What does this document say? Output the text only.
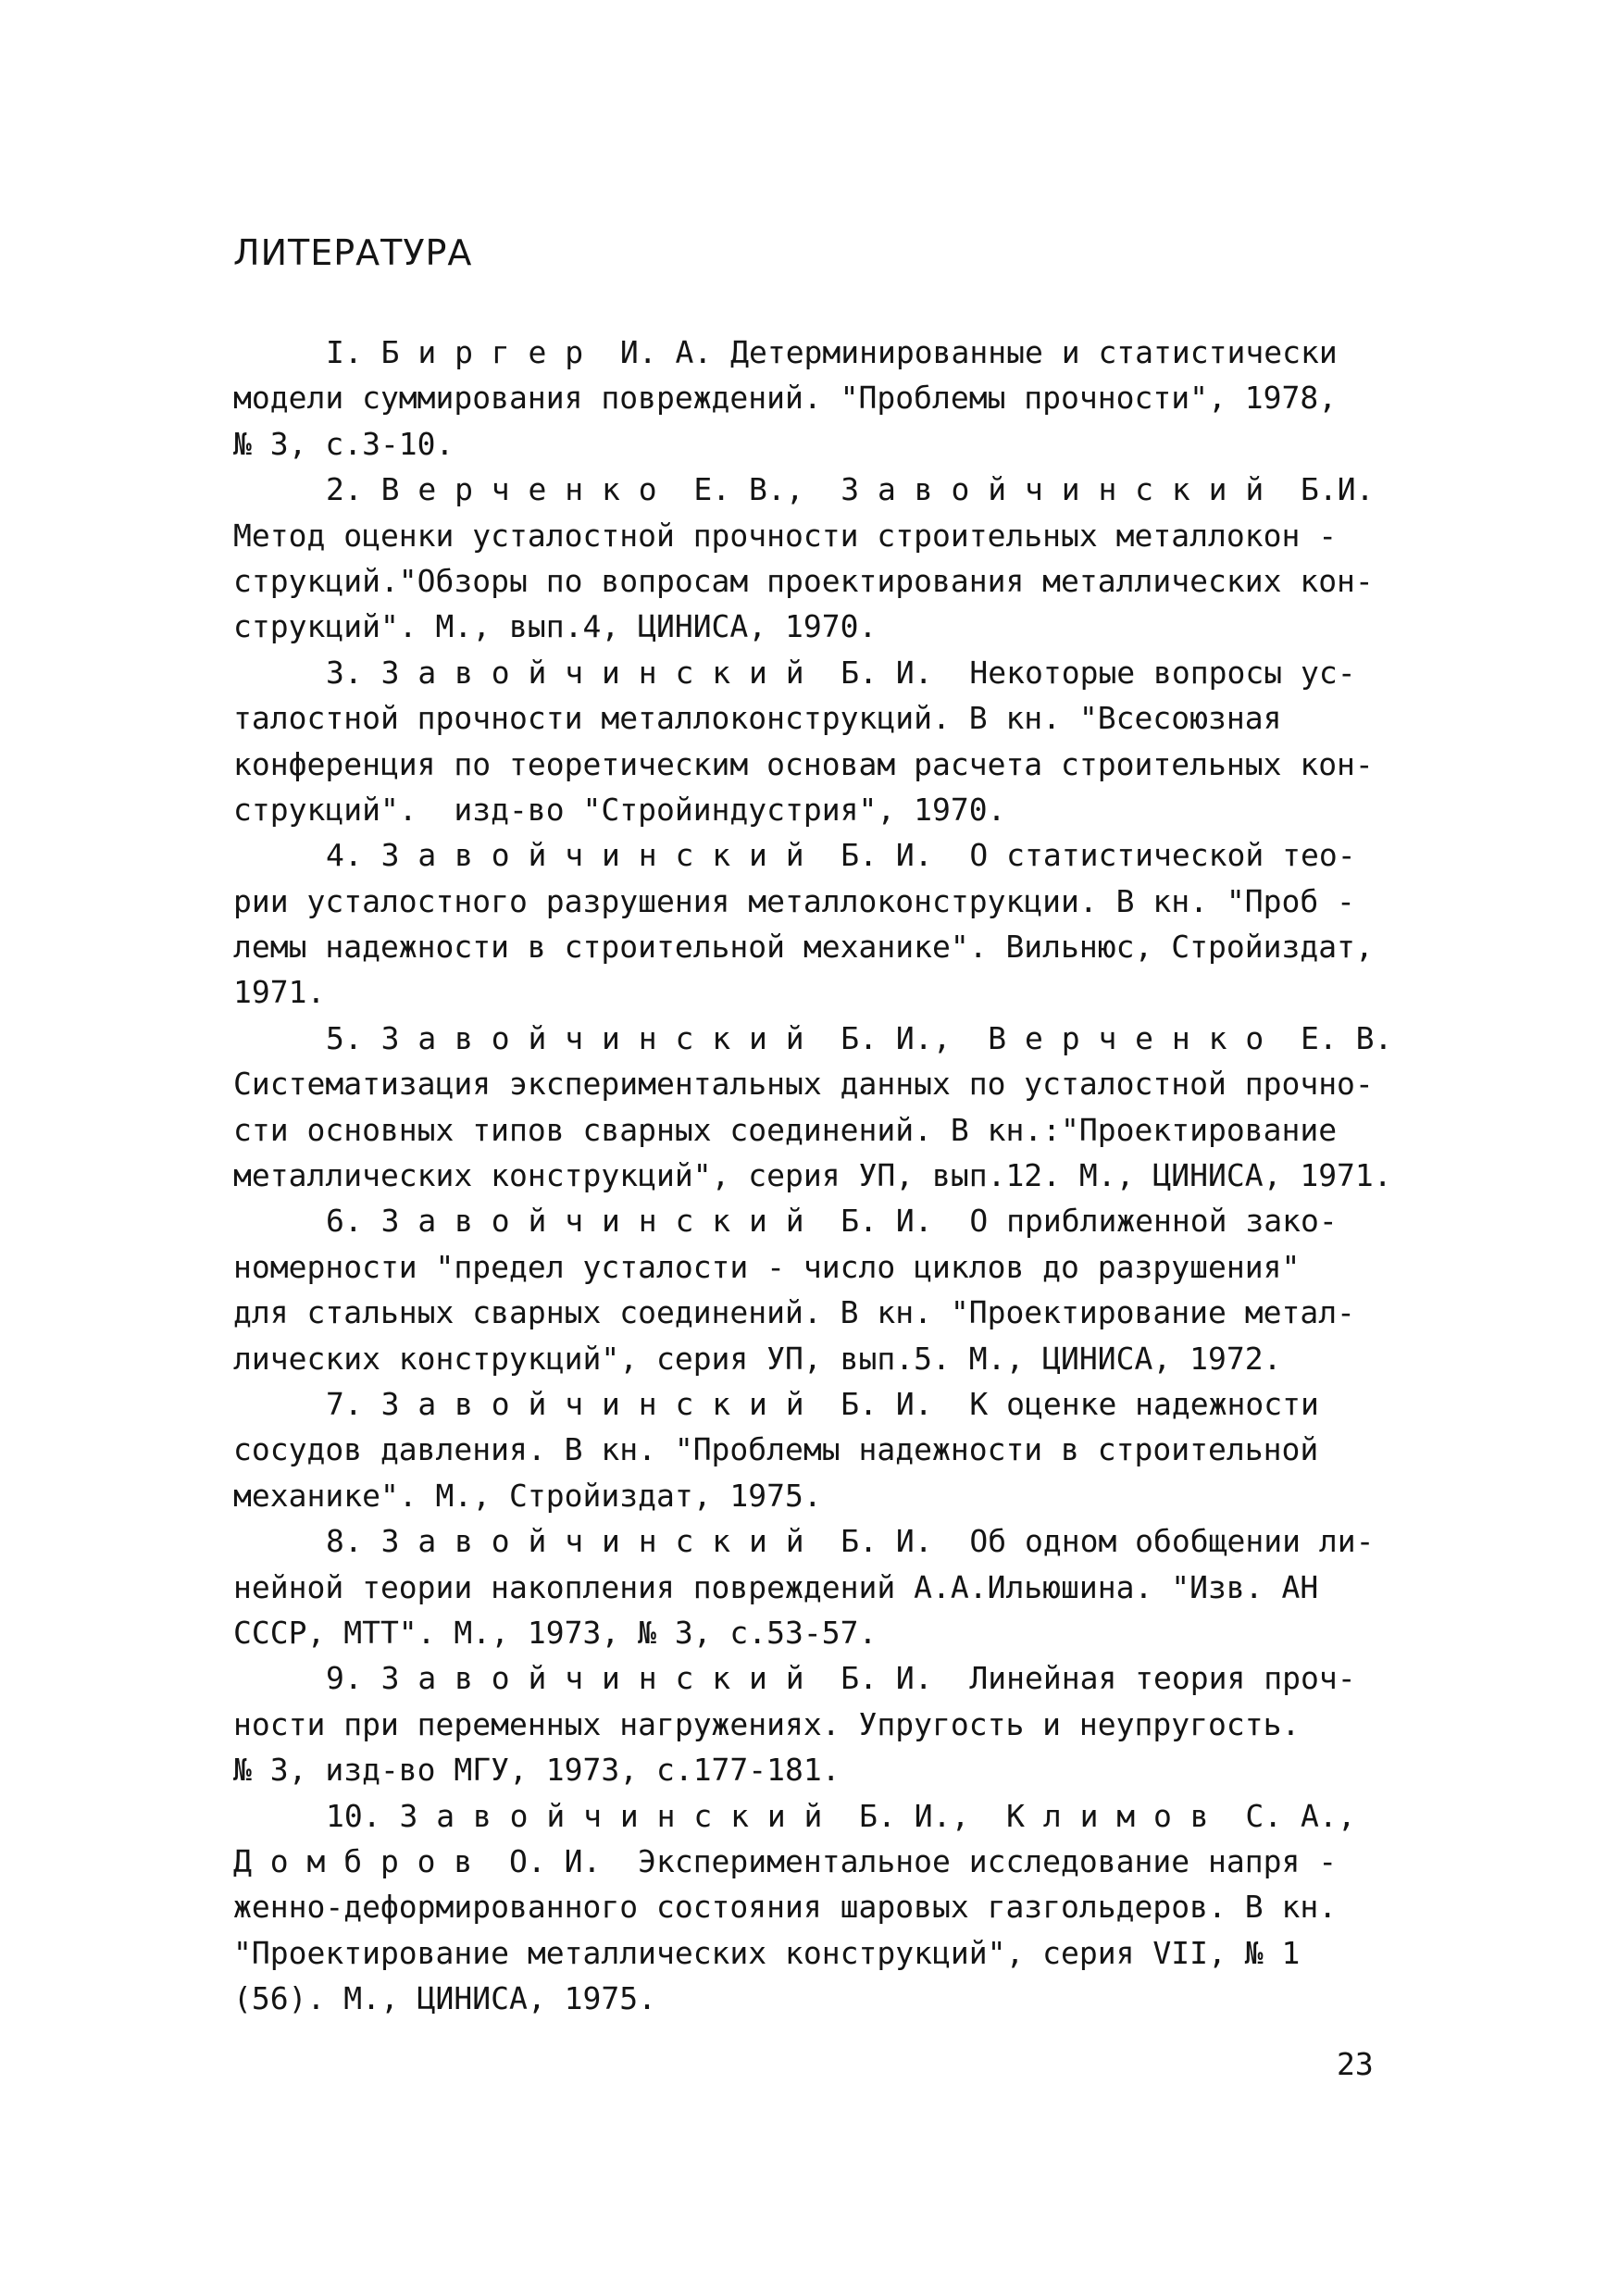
ЛИТЕРАТУРА
I. Б и р г е р  И. А. Детерминированные и статистически
модели суммирования повреждений. "Проблемы прочности", 1978,
№ 3, с.3-10.
2. В е р ч е н к о  Е. В.,  З а в о й ч и н с к и й  Б.И.
Метод оценки усталостной прочности строительных металлокон -
струкций."Обзоры по вопросам проектирования металлических кон-
струкций". М., вып.4, ЦИНИСА, 1970.
3. З а в о й ч и н с к и й  Б. И.  Некоторые вопросы ус-
талостной прочности металлоконструкций. В кн. "Всесоюзная
конференция по теоретическим основам расчета строительных кон-
струкций".  изд-во "Стройиндустрия", 1970.
4. З а в о й ч и н с к и й  Б. И.  О статистической тео-
рии усталостного разрушения металлоконструкции. В кн. "Проб -
лемы надежности в строительной механике". Вильнюс, Стройиздат,
1971.
5. З а в о й ч и н с к и й  Б. И.,  В е р ч е н к о  Е. В.
Систематизация экспериментальных данных по усталостной прочно-
сти основных типов сварных соединений. В кн.:"Проектирование
металлических конструкций", серия УП, вып.12. М., ЦИНИСА, 1971.
6. З а в о й ч и н с к и й  Б. И.  О приближенной зако-
номерности "предел усталости - число циклов до разрушения"
для стальных сварных соединений. В кн. "Проектирование метал-
лических конструкций", серия УП, вып.5. М., ЦИНИСА, 1972.
7. З а в о й ч и н с к и й  Б. И.  К оценке надежности
сосудов давления. В кн. "Проблемы надежности в строительной
механике". М., Стройиздат, 1975.
8. З а в о й ч и н с к и й  Б. И.  Об одном обобщении ли-
нейной теории накопления повреждений А.А.Ильюшина. "Изв. АН
СССР, МТТ". М., 1973, № 3, с.53-57.
9. З а в о й ч и н с к и й  Б. И.  Линейная теория проч-
ности при переменных нагружениях. Упругость и неупругость.
№ 3, изд-во МГУ, 1973, с.177-181.
10. З а в о й ч и н с к и й  Б. И.,  К л и м о в  С. А.,
Д о м б р о в  О. И.  Экспериментальное исследование напря -
женно-деформированного состояния шаровых газгольдеров. В кн.
"Проектирование металлических конструкций", серия VII, № 1
(56). М., ЦИНИСА, 1975.
23
